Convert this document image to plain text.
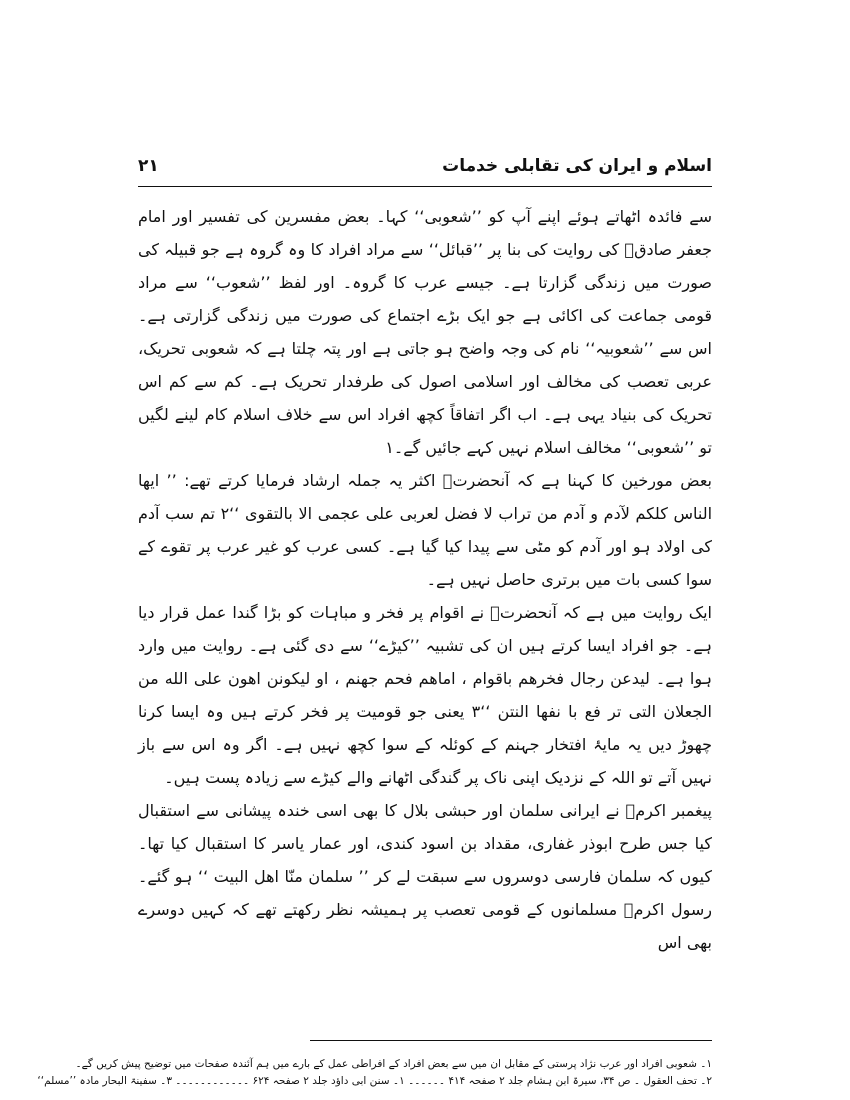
اسلام و ایران کی تقابلی خدمات
۲۱

سے فائدہ اٹھاتے ہوئے اپنے آپ کو ’’شعوبی‘‘ کہا۔ بعض مفسرین کی تفسیر اور امام جعفر صادقؑ کی روایت کی بنا پر ’’قبائل‘‘ سے مراد افراد کا وہ گروہ ہے جو قبیلہ کی صورت میں زندگی گزارتا ہے۔ جیسے عرب کا گروہ۔ اور لفظ ’’شعوب‘‘ سے مراد قومی جماعت کی اکائی ہے جو ایک بڑے اجتماع کی صورت میں زندگی گزارتی ہے۔ اس سے ’’شعوبیہ‘‘ نام کی وجہ واضح ہو جاتی ہے اور پتہ چلتا ہے کہ شعوبی تحریک، عربی تعصب کی مخالف اور اسلامی اصول کی طرفدار تحریک ہے۔ کم سے کم اس تحریک کی بنیاد یہی ہے۔ اب اگر اتفاقاً کچھ افراد اس سے خلاف اسلام کام لینے لگیں تو ’’شعوبی‘‘ مخالف اسلام نہیں کہے جائیں گے۔۱

بعض مورخین کا کہنا ہے کہ آنحضرتؐ اکثر یہ جملہ ارشاد فرمایا کرتے تھے: ’’ ایھا الناس کلکم لآدم و آدم من تراب لا فضل لعربی علی عجمی الا بالتقوی ‘‘۲ تم سب آدم کی اولاد ہو اور آدم کو مٹی سے پیدا کیا گیا ہے۔ کسی عرب کو غیر عرب پر تقوے کے سوا کسی بات میں برتری حاصل نہیں ہے۔

ایک روایت میں ہے کہ آنحضرتؐ نے اقوام پر فخر و مباہات کو بڑا گندا عمل قرار دیا ہے۔ جو افراد ایسا کرتے ہیں ان کی تشبیہ ’’کیڑے‘‘ سے دی گئی ہے۔ روایت میں وارد ہوا ہے۔ لیدعن رجال فخرھم باقوام ، اماھم فحم جھنم ، او لیکونن اھون علی الله من الجعلان التی تر فع با نفھا النتن ‘‘۳ یعنی جو قومیت پر فخر کرتے ہیں وہ ایسا کرنا چھوڑ دیں یہ مایۂ افتخار جہنم کے کوئلہ کے سوا کچھ نہیں ہے۔ اگر وہ اس سے باز نہیں آتے تو اللہ کے نزدیک اپنی ناک پر گندگی اٹھانے والے کیڑے سے زیادہ پست ہیں۔

پیغمبر اکرمؐ نے ایرانی سلمان اور حبشی بلال کا بھی اسی خندہ پیشانی سے استقبال کیا جس طرح ابوذر غفاری، مقداد بن اسود کندی، اور عمار یاسر کا استقبال کیا تھا۔ کیوں کہ سلمان فارسی دوسروں سے سبقت لے کر ’’ سلمان منّا اھل البیت ‘‘ ہو گئے۔ رسول اکرمؐ مسلمانوں کے قومی تعصب پر ہمیشہ نظر رکھتے تھے کہ کہیں دوسرے بھی اس

۱۔ شعوبی افراد اور عرب نژاد پرستی کے مقابل ان میں سے بعض افراد کے افراطی عمل کے بارے میں ہم آئندہ صفحات میں توضیح پیش کریں گے۔

۲۔ تحف العقول ۔ ص ۳۴، سیرۃ ابن ہشام جلد ۲ صفحہ ۴۱۴ ۔۔۔۔۔۔ ۱۔ سنن ابی داؤد جلد ۲ صفحہ ۶۲۴ ۔۔۔۔۔۔۔۔۔۔۔۔ ۳۔ سفینۃ البحار مادہ ’’مسلم‘‘
